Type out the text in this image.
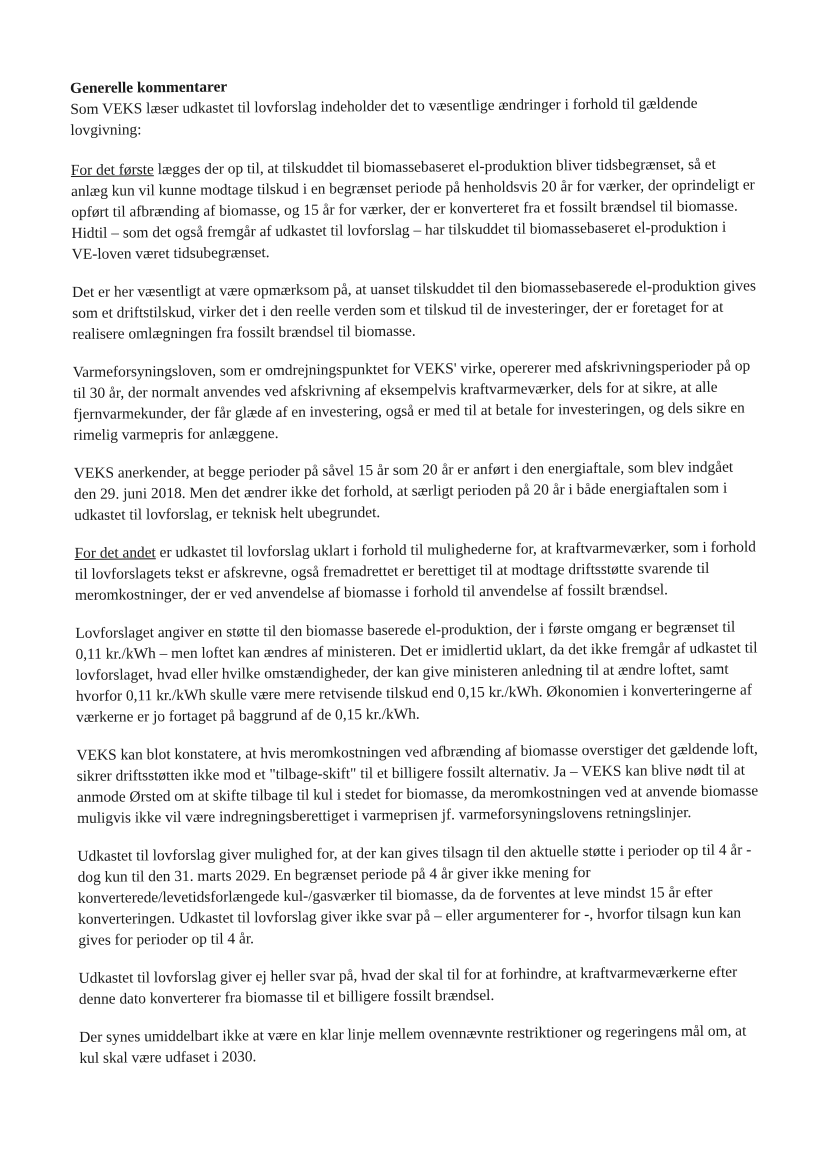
Generelle kommentarer

Som VEKS læser udkastet til lovforslag indeholder det to væsentlige ændringer i forhold til gældende lovgivning:

For det første lægges der op til, at tilskuddet til biomassebaseret el-produktion bliver tidsbegrænset, så et anlæg kun vil kunne modtage tilskud i en begrænset periode på henholdsvis 20 år for værker, der oprindeligt er opført til afbrænding af biomasse, og 15 år for værker, der er konverteret fra et fossilt brændsel til biomasse. Hidtil – som det også fremgår af udkastet til lovforslag – har tilskuddet til biomassebaseret el-produktion i VE-loven været tidsubegrænset.

Det er her væsentligt at være opmærksom på, at uanset tilskuddet til den biomassebaserede el-produktion gives som et driftstilskud, virker det i den reelle verden som et tilskud til de investeringer, der er foretaget for at realisere omlægningen fra fossilt brændsel til biomasse.

Varmeforsyningsloven, som er omdrejningspunktet for VEKS' virke, opererer med afskrivningsperioder på op til 30 år, der normalt anvendes ved afskrivning af eksempelvis kraftvarmeværker, dels for at sikre, at alle fjernvarmekunder, der får glæde af en investering, også er med til at betale for investeringen, og dels sikre en rimelig varmepris for anlæggene.

VEKS anerkender, at begge perioder på såvel 15 år som 20 år er anført i den energiaftale, som blev indgået den 29. juni 2018. Men det ændrer ikke det forhold, at særligt perioden på 20 år i både energiaftalen som i udkastet til lovforslag, er teknisk helt ubegrundet.

For det andet er udkastet til lovforslag uklart i forhold til mulighederne for, at kraftvarmeværker, som i forhold til lovforslagets tekst er afskrevne, også fremadrettet er berettiget til at modtage driftsstøtte svarende til meromkostninger, der er ved anvendelse af biomasse i forhold til anvendelse af fossilt brændsel.

Lovforslaget angiver en støtte til den biomasse baserede el-produktion, der i første omgang er begrænset til 0,11 kr./kWh – men loftet kan ændres af ministeren. Det er imidlertid uklart, da det ikke fremgår af udkastet til lovforslaget, hvad eller hvilke omstændigheder, der kan give ministeren anledning til at ændre loftet, samt hvorfor 0,11 kr./kWh skulle være mere retvisende tilskud end 0,15 kr./kWh. Økonomien i konverteringerne af værkerne er jo fortaget på baggrund af de 0,15 kr./kWh.

VEKS kan blot konstatere, at hvis meromkostningen ved afbrænding af biomasse overstiger det gældende loft, sikrer driftsstøtten ikke mod et "tilbage-skift" til et billigere fossilt alternativ. Ja – VEKS kan blive nødt til at anmode Ørsted om at skifte tilbage til kul i stedet for biomasse, da meromkostningen ved at anvende biomasse muligvis ikke vil være indregningsberettiget i varmeprisen jf. varmeforsyningslovens retningslinjer.

Udkastet til lovforslag giver mulighed for, at der kan gives tilsagn til den aktuelle støtte i perioder op til 4 år - dog kun til den 31. marts 2029. En begrænset periode på 4 år giver ikke mening for konverterede/levetidsforlængede kul-/gasværker til biomasse, da de forventes at leve mindst 15 år efter konverteringen. Udkastet til lovforslag giver ikke svar på – eller argumenterer for -, hvorfor tilsagn kun kan gives for perioder op til 4 år.

Udkastet til lovforslag giver ej heller svar på, hvad der skal til for at forhindre, at kraftvarmeværkerne efter denne dato konverterer fra biomasse til et billigere fossilt brændsel.

Der synes umiddelbart ikke at være en klar linje mellem ovennævnte restriktioner og regeringens mål om, at kul skal være udfaset i 2030.
